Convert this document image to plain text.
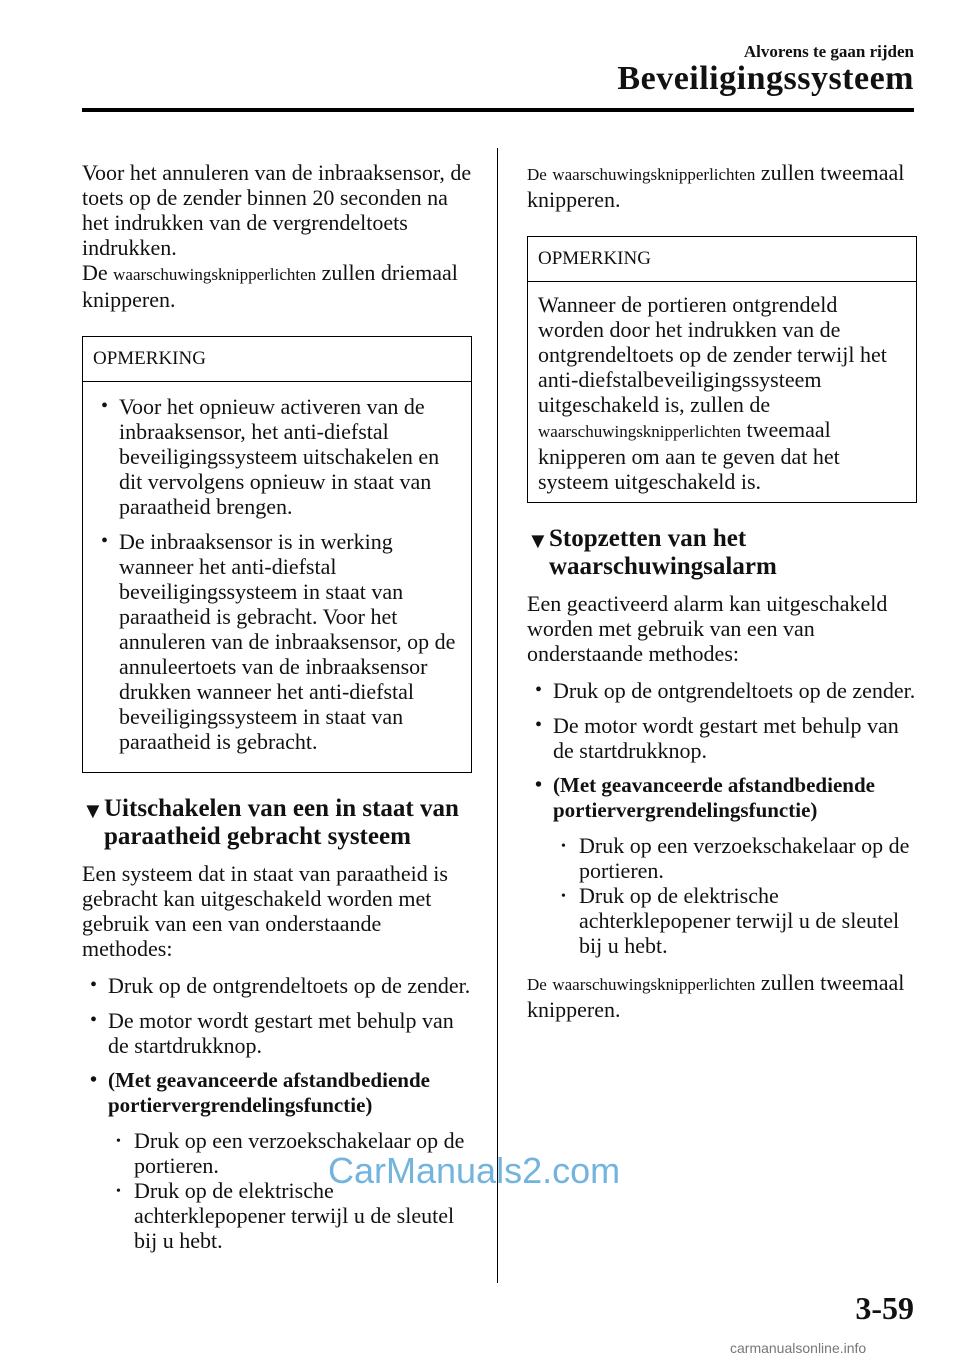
Alvorens te gaan rijden
Beveiligingssysteem

Voor het annuleren van de inbraaksensor, de toets op de zender binnen 20 seconden na het indrukken van de vergrendeltoets indrukken.

De waarschuwingsknipperlichten zullen driemaal knipperen.

OPMERKING
• Voor het opnieuw activeren van de inbraaksensor, het anti-diefstal beveiligingssysteem uitschakelen en dit vervolgens opnieuw in staat van paraatheid brengen.
• De inbraaksensor is in werking wanneer het anti-diefstal beveiligingssysteem in staat van paraatheid is gebracht. Voor het annuleren van de inbraaksensor, op de annuleertoets van de inbraaksensor drukken wanneer het anti-diefstal beveiligingssysteem in staat van paraatheid is gebracht.
▼ Uitschakelen van een in staat van paraatheid gebracht systeem

Een systeem dat in staat van paraatheid is gebracht kan uitgeschakeld worden met gebruik van een van onderstaande methodes:

• Druk op de ontgrendeltoets op de zender.
• De motor wordt gestart met behulp van de startdrukknop.
• (Met geavanceerde afstandbediende portiervergrendelingsfunctie)
• Druk op een verzoekschakelaar op de portieren.
• Druk op de elektrische achterklepopener terwijl u de sleutel bij u hebt.

De waarschuwingsknipperlichten zullen tweemaal knipperen.

OPMERKING
Wanneer de portieren ontgrendeld worden door het indrukken van de ontgrendeltoets op de zender terwijl het anti-diefstalbeveiligingssysteem uitgeschakeld is, zullen de waarschuwingsknipperlichten tweemaal knipperen om aan te geven dat het systeem uitgeschakeld is.
▼ Stopzetten van het waarschuwingsalarm

Een geactiveerd alarm kan uitgeschakeld worden met gebruik van een van onderstaande methodes:

• Druk op de ontgrendeltoets op de zender.
• De motor wordt gestart met behulp van de startdrukknop.
• (Met geavanceerde afstandbediende portiervergrendelingsfunctie)
• Druk op een verzoekschakelaar op de portieren.
• Druk op de elektrische achterklepopener terwijl u de sleutel bij u hebt.

De waarschuwingsknipperlichten zullen tweemaal knipperen.

CarManuals2.com
3-59
carmanualsonline.info
